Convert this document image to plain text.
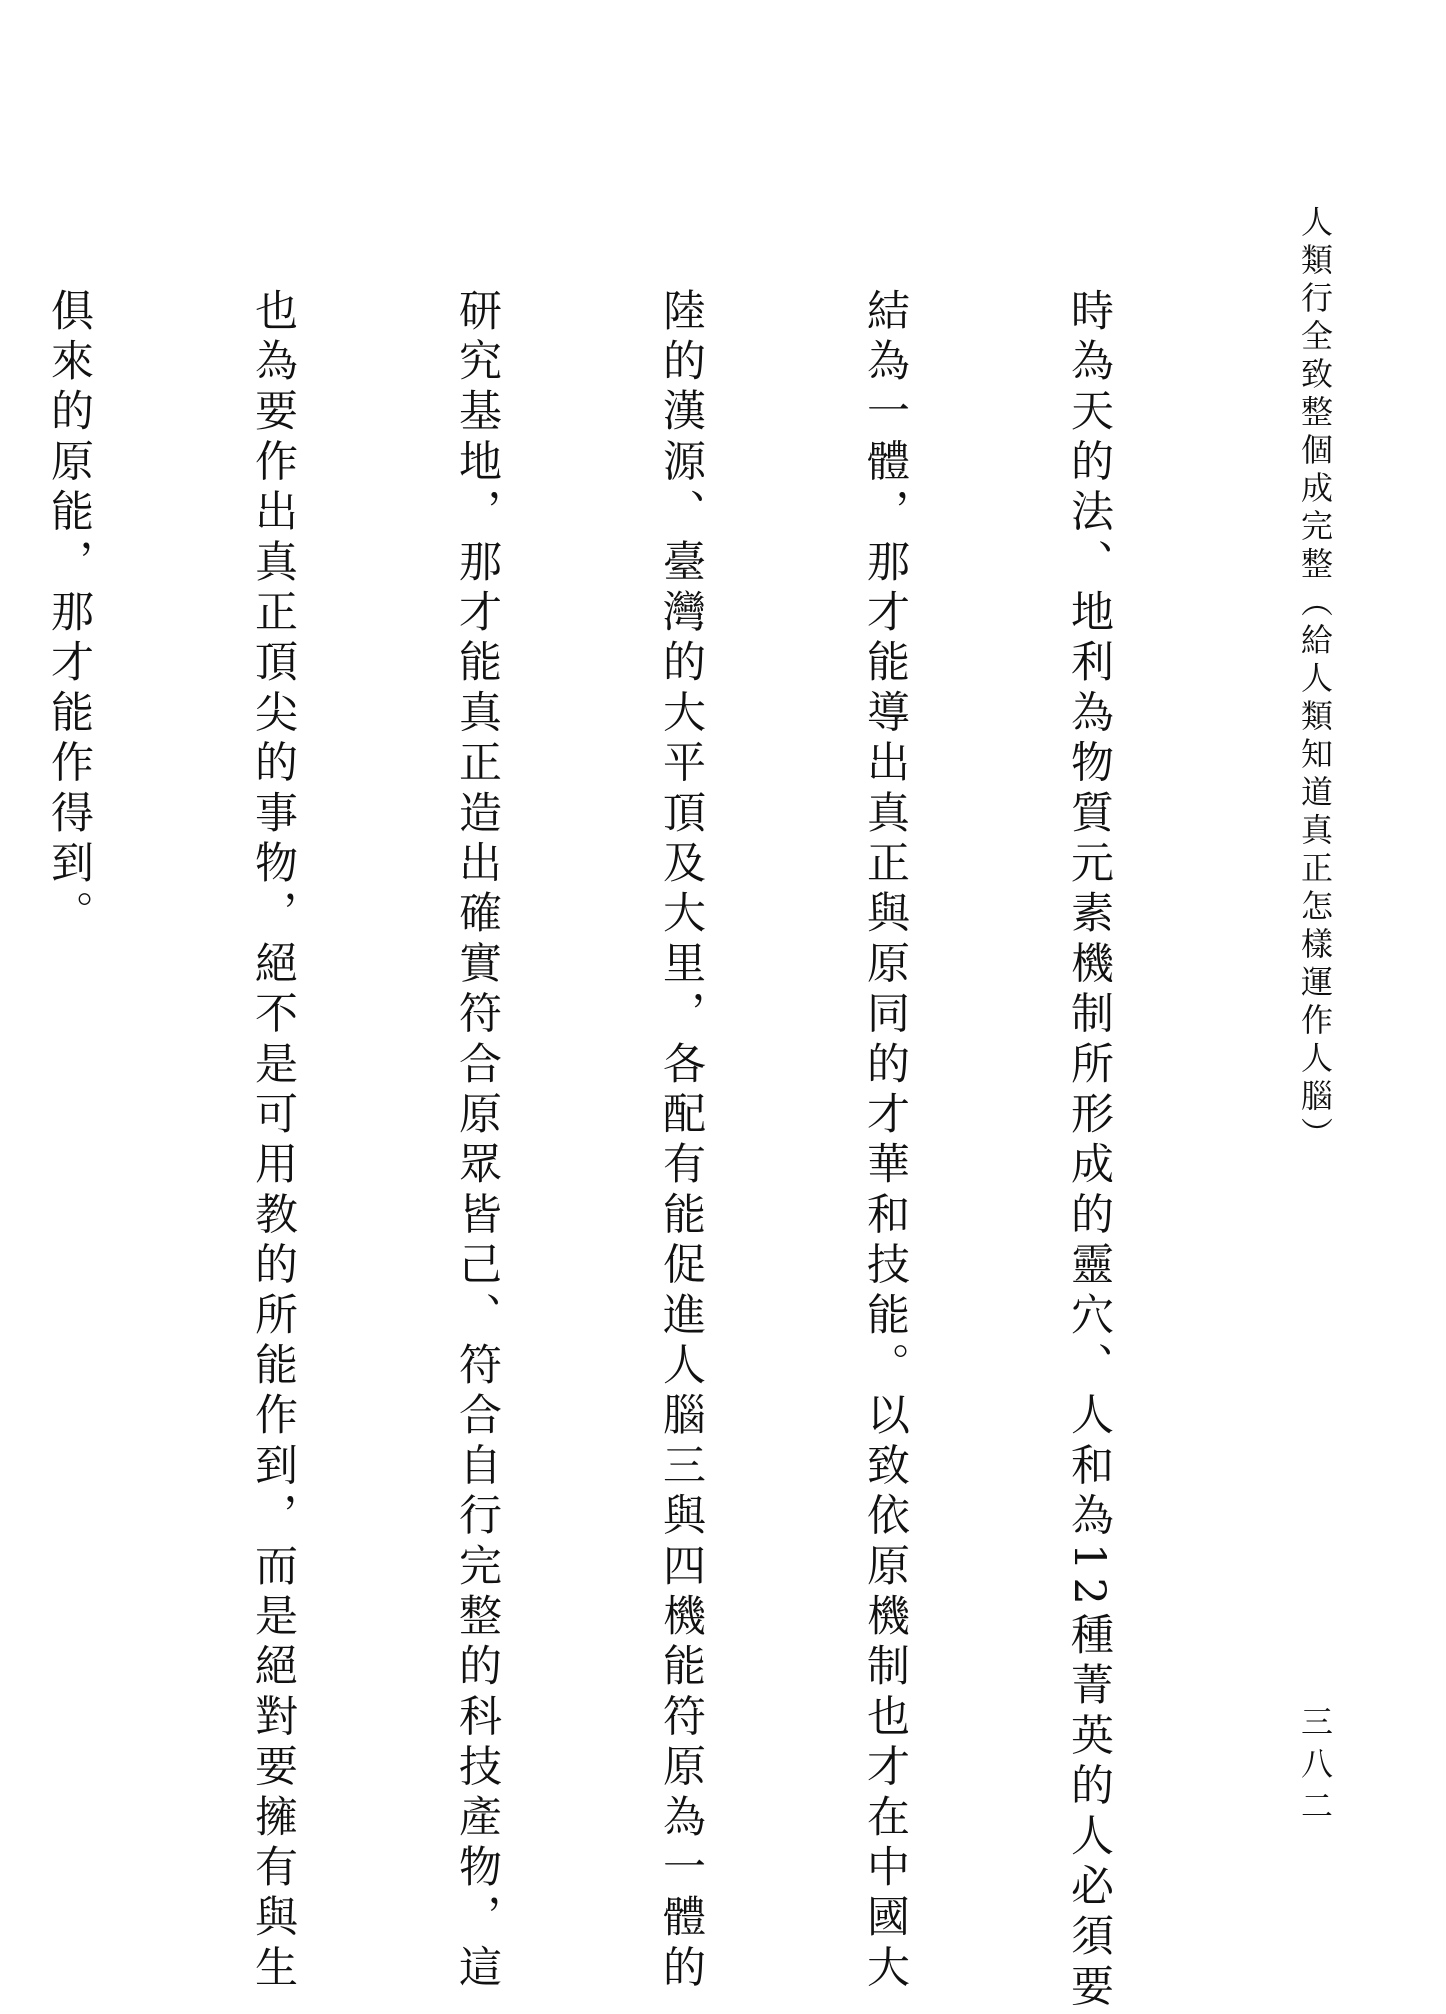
人類行全致整個成完整（給人類知道真正怎樣運作人腦）
三八二

時為天的法、地利為物質元素機制所形成的靈穴、人和為12種菁英的人必須要

結為一體，那才能導出真正與原同的才華和技能。以致依原機制也才在中國大

陸的漢源、臺灣的大平頂及大里，各配有能促進人腦三與四機能符原為一體的

研究基地，那才能真正造出確實符合原眾皆己、符合自行完整的科技產物，這

也為要作出真正頂尖的事物，絕不是可用教的所能作到，而是絕對要擁有與生

俱來的原能，那才能作得到。
